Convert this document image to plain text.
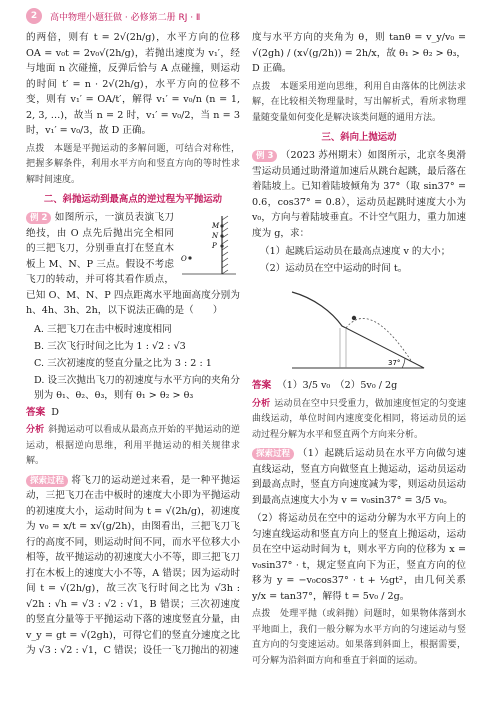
2	高中物理小题狂做 · 必修第二册 RJ · Ⅱ

的两倍，则有 t = 2√(2h/g)，水平方向的位移 OA = v₀t = 2v₀√(2h/g)，若抛出速度为 v₁′，经与地面 n 次碰撞，反弹后恰与 A 点碰撞，则运动的时间 t′ = n · 2√(2h/g)，水平方向的位移不变，则有 v₁′ = OA/t′，解得 v₁′ = v₀/n (n = 1, 2, 3, …)，故当 n = 2 时，v₁′ = v₀/2，当 n = 3 时，v₁′ = v₀/3，故 D 正确。

点拨　本题是平抛运动的多解问题，可结合对称性，把握多解条件，利用水平方向和竖直方向的等时性求解时间速度。

二、斜抛运动到最高点的逆过程为平抛运动
M
N
P
O

例 2 如图所示，一演员表演飞刀绝技，由 O 点先后抛出完全相同的三把飞刀，分别垂直打在竖直木板上 M、N、P 三点。假设不考虑飞刀的转动，并可将其看作质点，已知 O、M、N、P 四点距离水平地面高度分别为 h、4h、3h、2h，以下说法正确的是（　　）

A. 三把飞刀在击中板时速度相同

B. 三次飞行时间之比为 1 : √2 : √3

C. 三次初速度的竖直分量之比为 3 : 2 : 1

D. 设三次抛出飞刀的初速度与水平方向的夹角分别为 θ₁、θ₂、θ₃，则有 θ₁ > θ₂ > θ₃

答案 D

分析 斜抛运动可以看成从最高点开始的平抛运动的逆运动，根据逆向思维，利用平抛运动的相关规律求解。

探索过程 将飞刀的运动逆过来看，是一种平抛运动，三把飞刀在击中板时的速度大小即为平抛运动的初速度大小，运动时间为 t = √(2h/g)，初速度为 v₀ = x/t = x√(g/2h)，由图看出，三把飞刀飞行的高度不同，则运动时间不同，而水平位移大小相等，故平抛运动的初速度大小不等，即三把飞刀打在木板上的速度大小不等，A 错误；因为运动时间 t = √(2h/g)，故三次飞行时间之比为 √3h : √2h : √h = √3 : √2 : √1，B 错误；三次初速度的竖直分量等于平抛运动下落的速度竖直分量，由 v_y = gt = √(2gh)，可得它们的竖直分速度之比为 √3 : √2 : √1，C 错误；设任一飞刀抛出的初速

度与水平方向的夹角为 θ，则 tanθ = v_y/v₀ = √(2gh) / (x√(g/2h)) = 2h/x，故 θ₁ > θ₂ > θ₃，D 正确。

点拨　本题采用逆向思维，利用自由落体的比例法求解，在比较相关物理量时，写出解析式，看所求物理量随变量如何变化是解决该类问题的通用方法。

三、斜向上抛运动

例 3 （2023 苏州期末）如图所示，北京冬奥滑雪运动员通过助滑道加速后从跳台起跳，最后落在着陆坡上。已知着陆坡倾角为 37°（取 sin37° = 0.6，cos37° = 0.8），运动员起跳时速度大小为 v₀，方向与着陆坡垂直。不计空气阻力，重力加速度为 g，求：

（1）起跳后运动员在最高点速度 v 的大小；

（2）运动员在空中运动的时间 t。

37°

答案 （1）3/5 v₀　（2）5v₀ / 2g

分析 运动员在空中只受重力，做加速度恒定的匀变速曲线运动，单位时间内速度变化相同，将运动员的运动过程分解为水平和竖直两个方向来分析。

探索过程 （1）起跳后运动员在水平方向做匀速直线运动，竖直方向做竖直上抛运动，运动员运动到最高点时，竖直方向速度减为零，则运动员运动到最高点速度大小为 v = v₀sin37° = 3/5 v₀。

（2）将运动员在空中的运动分解为水平方向上的匀速直线运动和竖直方向上的竖直上抛运动，运动员在空中运动时间为 t，则水平方向的位移为 x = v₀sin37° · t，规定竖直向下为正，竖直方向的位移为 y = −v₀cos37° · t + ½gt²，由几何关系 y/x = tan37°，解得 t = 5v₀ / 2g。

点拨　处理平抛（或斜抛）问题时，如果物体落到水平地面上，我们一般分解为水平方向的匀速运动与竖直方向的匀变速运动。如果落到斜面上，根据需要，可分解为沿斜面方向和垂直于斜面的运动。
